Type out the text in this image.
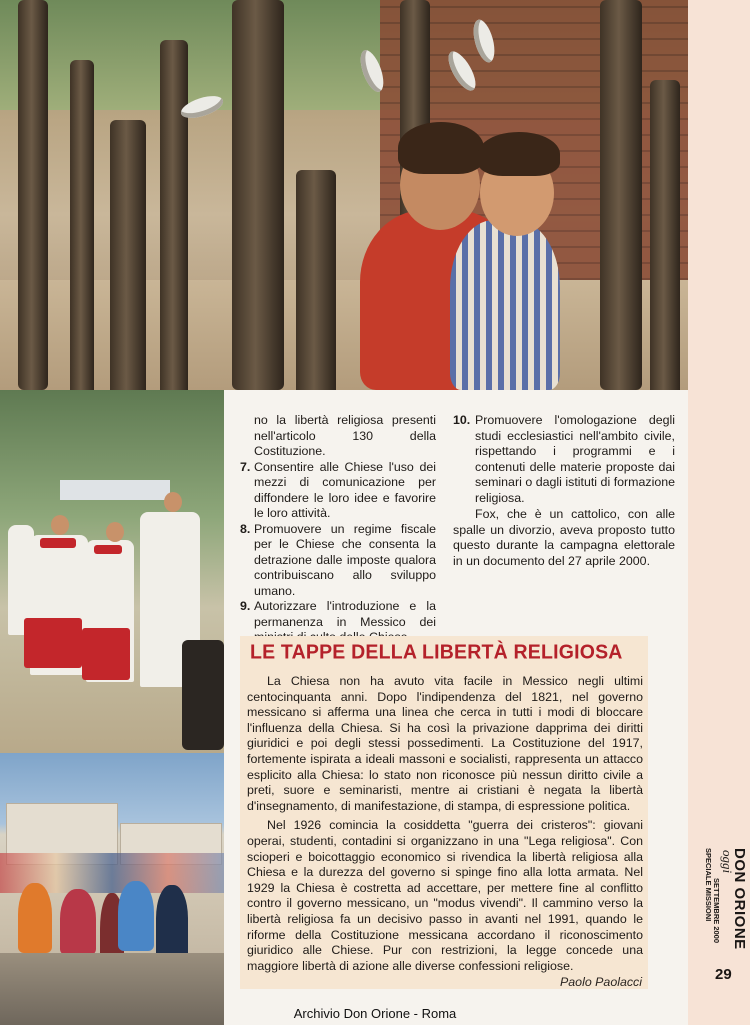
no la libertà religiosa presenti nell'articolo 130 della Costituzione.

7. Consentire alle Chiese l'uso dei mezzi di comunicazione per diffondere le loro idee e favorire le loro attività.
8. Promuovere un regime fiscale per le Chiese che consenta la detrazione dalle imposte qualora contribuiscano allo sviluppo umano.
9. Autorizzare l'introduzione e la permanenza in Messico dei
10. Promuovere l'omologazione degli studi ecclesiastici nell'ambito civile, rispettando i programmi e i contenuti delle materie proposte dai seminari o dagli istituti di formazione religiosa.

Fox, che è un cattolico, con alle spalle un divorzio, aveva proposto tutto questo durante la campagna elettorale in un documento del 27 aprile 2000.

LE TAPPE DELLA LIBERTÀ RELIGIOSA

La Chiesa non ha avuto vita facile in Messico negli ultimi centocinquanta anni. Dopo l'indipendenza del 1821, nel governo messicano si afferma una linea che cerca in tutti i modi di bloccare l'influenza della Chiesa. Si ha così la privazione dapprima dei diritti giuridici e poi degli stessi possedimenti. La Costituzione del 1917, fortemente ispirata a ideali massoni e socialisti, rappresenta un attacco esplicito alla Chiesa: lo stato non riconosce più nessun diritto civile a preti, suore e seminaristi, mentre ai cristiani è negata la libertà d'insegnamento, di manifestazione, di stampa, di espressione politica.

Nel 1926 comincia la cosiddetta "guerra dei cristeros": giovani operai, studenti, contadini si organizzano in una "Lega religiosa". Con scioperi e boicottaggio economico si rivendica la libertà religiosa alla Chiesa e la durezza del governo si spinge fino alla lotta armata. Nel 1929 la Chiesa è costretta ad accettare, per mettere fine al conflitto contro il governo messicano, un "modus vivendi". Il cammino verso la libertà religiosa fa un decisivo passo in avanti nel 1991, quando le riforme della Costituzione messicana accordano il riconoscimento giuridico alle Chiese. Pur con restrizioni, la legge concede una maggiore libertà di azione alle diverse confessioni religiose.

Paolo Paolacci
DON ORIONE
oggi
SETTEMBRE 2000
SPECIALE MISSIONI
29
Archivio Don Orione - Roma
